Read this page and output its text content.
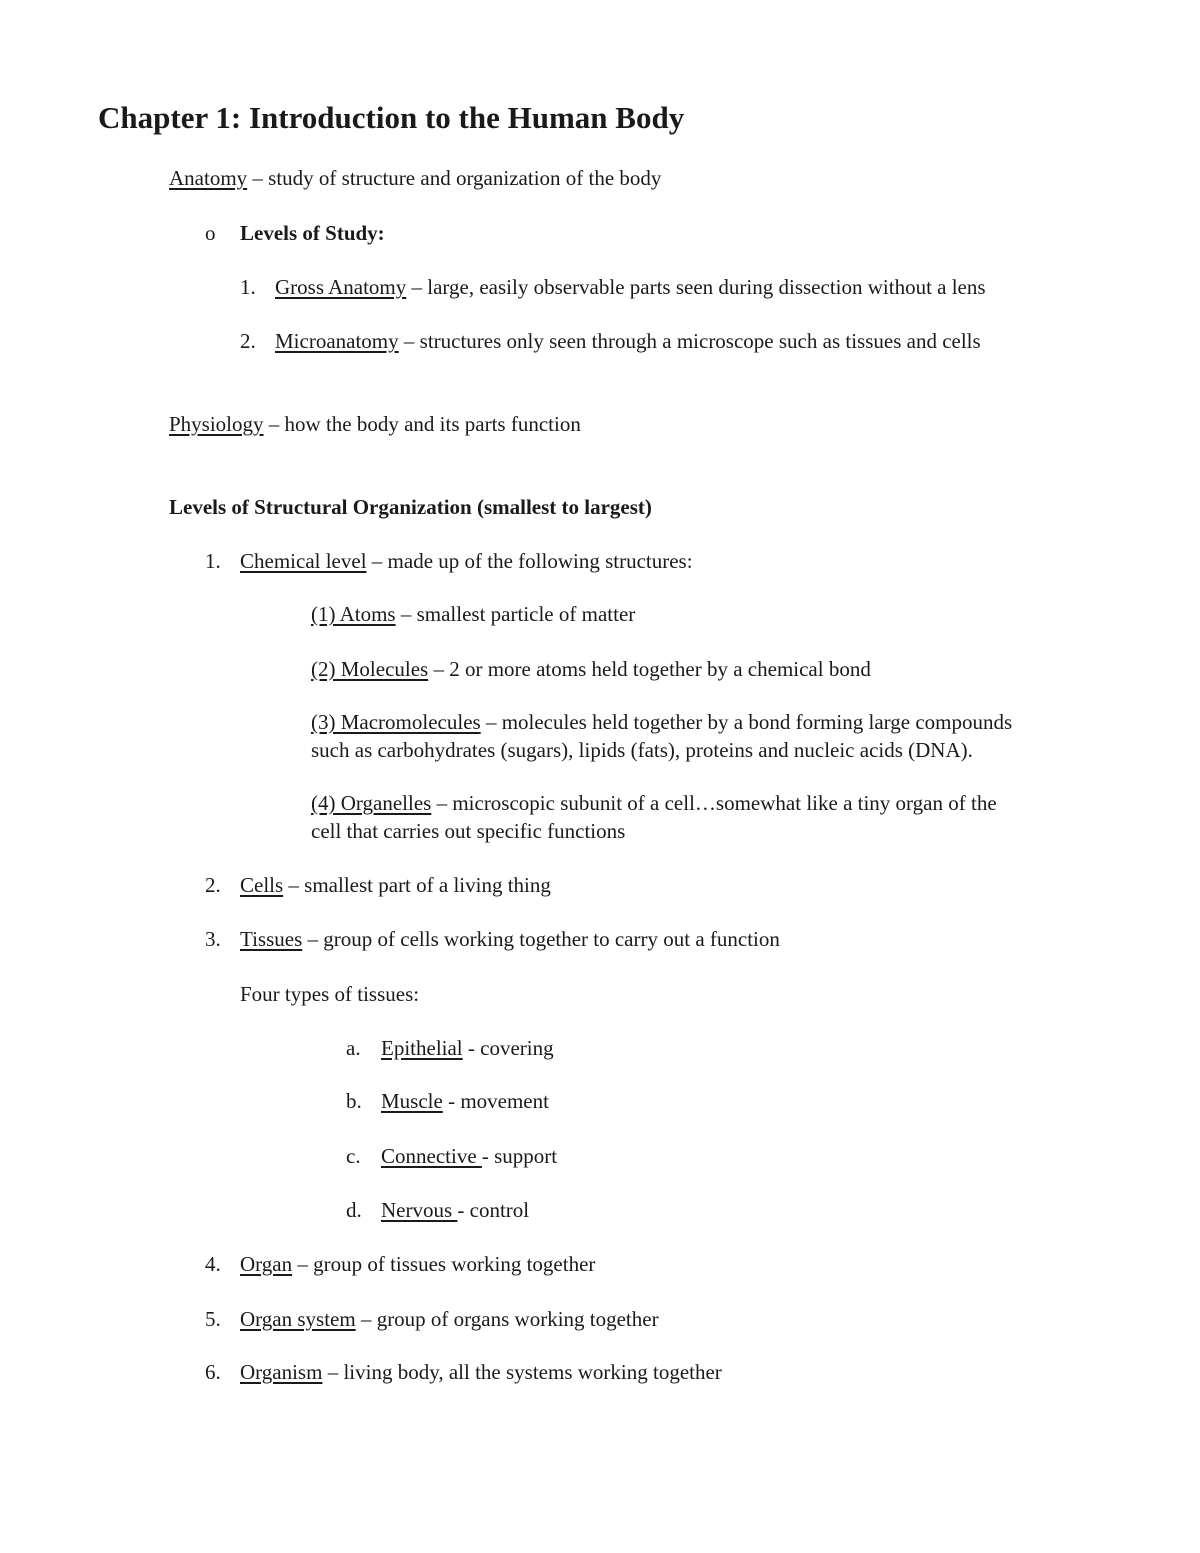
Chapter 1: Introduction to the Human Body
Anatomy – study of structure and organization of the body
o Levels of Study:
1. Gross Anatomy – large, easily observable parts seen during dissection without a lens
2. Microanatomy – structures only seen through a microscope such as tissues and cells
Physiology – how the body and its parts function
Levels of Structural Organization (smallest to largest)
1. Chemical level – made up of the following structures:
(1) Atoms – smallest particle of matter
(2) Molecules – 2 or more atoms held together by a chemical bond
(3) Macromolecules – molecules held together by a bond forming large compounds
such as carbohydrates (sugars), lipids (fats), proteins and nucleic acids (DNA).
(4) Organelles – microscopic subunit of a cell…somewhat like a tiny organ of the
cell that carries out specific functions
2. Cells – smallest part of a living thing
3. Tissues – group of cells working together to carry out a function
Four types of tissues:
a. Epithelial - covering
b. Muscle - movement
c. Connective - support
d. Nervous - control
4. Organ – group of tissues working together
5. Organ system – group of organs working together
6. Organism – living body, all the systems working together
